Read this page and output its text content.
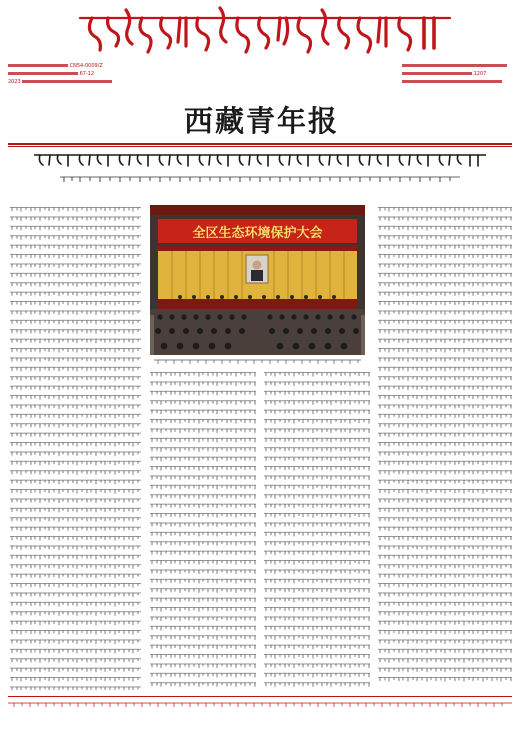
CN54-0009/Z
67-12
2023
1207
西藏青年报
全区生态环境保护大会
